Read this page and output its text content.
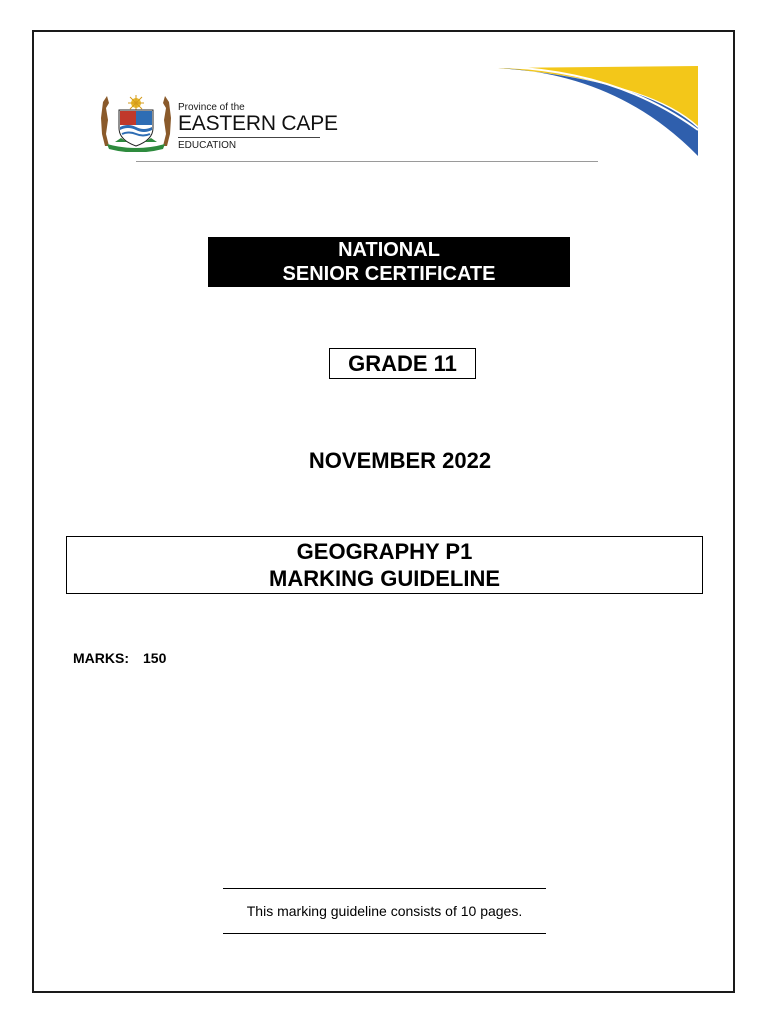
Province of the
EASTERN CAPE
EDUCATION
NATIONAL
SENIOR CERTIFICATE
GRADE 11
NOVEMBER 2022
GEOGRAPHY P1
MARKING GUIDELINE
MARKS: 150
This marking guideline consists of 10 pages.
